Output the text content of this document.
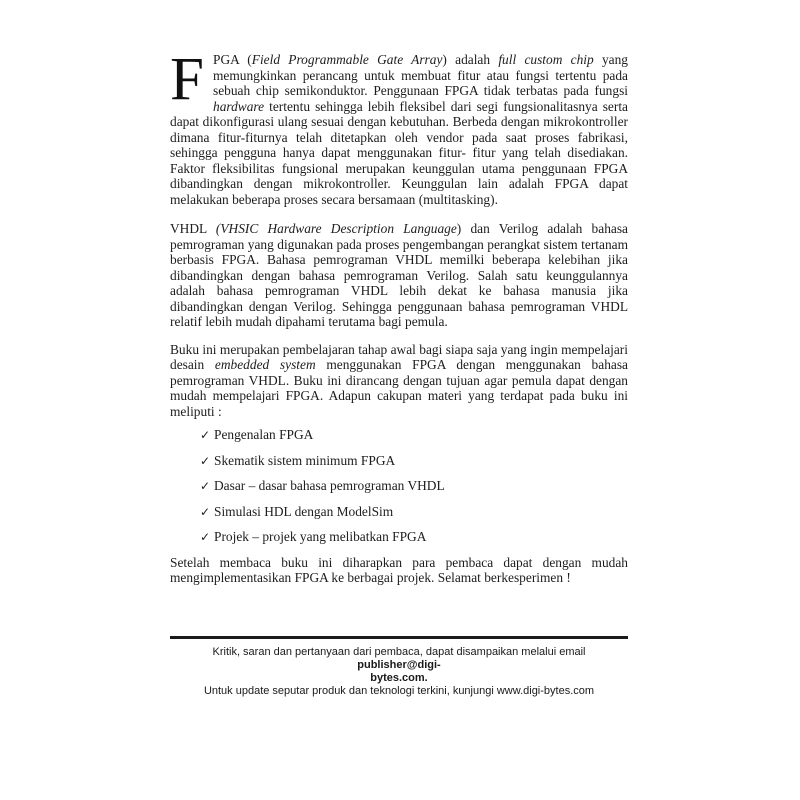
FPGA (Field Programmable Gate Array) adalah full custom chip yang memungkinkan perancang untuk membuat fitur atau fungsi tertentu pada sebuah chip semikonduktor. Penggunaan FPGA tidak terbatas pada fungsi hardware tertentu sehingga lebih fleksibel dari segi fungsionalitasnya serta dapat dikonfigurasi ulang sesuai dengan kebutuhan. Berbeda dengan mikrokontroller dimana fitur-fiturnya telah ditetapkan oleh vendor pada saat proses fabrikasi, sehingga pengguna hanya dapat menggunakan fitur- fitur yang telah disediakan. Faktor fleksibilitas fungsional merupakan keunggulan utama penggunaan FPGA dibandingkan dengan mikrokontroller. Keunggulan lain adalah FPGA dapat melakukan beberapa proses secara bersamaan (multitasking).

VHDL (VHSIC Hardware Description Language) dan Verilog adalah bahasa pemrograman yang digunakan pada proses pengembangan perangkat sistem tertanam berbasis FPGA. Bahasa pemrograman VHDL memilki beberapa kelebihan jika dibandingkan dengan bahasa pemrograman Verilog. Salah satu keunggulannya adalah bahasa pemrograman VHDL lebih dekat ke bahasa manusia jika dibandingkan dengan Verilog. Sehingga penggunaan bahasa pemrograman VHDL relatif lebih mudah dipahami terutama bagi pemula.

Buku ini merupakan pembelajaran tahap awal bagi siapa saja yang ingin mempelajari desain embedded system menggunakan FPGA dengan menggunakan bahasa pemrograman VHDL. Buku ini dirancang dengan tujuan agar pemula dapat dengan mudah mempelajari FPGA. Adapun cakupan materi yang terdapat pada buku ini meliputi :

✓ Pengenalan FPGA
✓ Skematik sistem minimum FPGA
✓ Dasar – dasar bahasa pemrograman VHDL
✓ Simulasi HDL dengan ModelSim
✓ Projek – projek yang melibatkan FPGA

Setelah membaca buku ini diharapkan para pembaca dapat dengan mudah mengimplementasikan FPGA ke berbagai projek. Selamat berkesperimen !

Kritik, saran dan pertanyaan dari pembaca, dapat disampaikan melalui email publisher@digi-
bytes.com.
Untuk update seputar produk dan teknologi terkini, kunjungi www.digi-bytes.com
